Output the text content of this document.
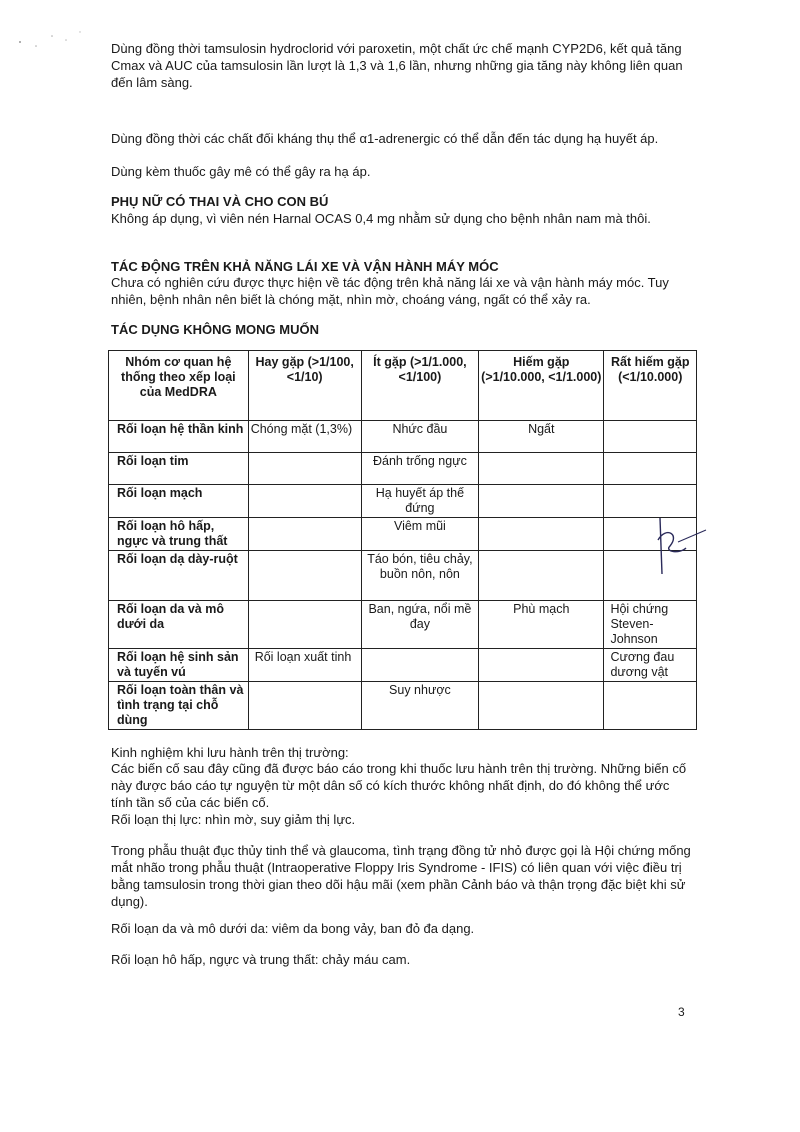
Dùng đồng thời tamsulosin hydroclorid với paroxetin, một chất ức chế mạnh CYP2D6, kết quả tăng Cmax và AUC của tamsulosin lần lượt là 1,3 và 1,6 lần, nhưng những gia tăng này không liên quan đến lâm sàng.

Dùng đồng thời các chất đối kháng thụ thể α1-adrenergic có thể dẫn đến tác dụng hạ huyết áp.

Dùng kèm thuốc gây mê có thể gây ra hạ áp.

PHỤ NỮ CÓ THAI VÀ CHO CON BÚ

Không áp dụng, vì viên nén Harnal OCAS 0,4 mg nhằm sử dụng cho bệnh nhân nam mà thôi.

TÁC ĐỘNG TRÊN KHẢ NĂNG LÁI XE VÀ VẬN HÀNH MÁY MÓC

Chưa có nghiên cứu được thực hiện về tác động trên khả năng lái xe và vận hành máy móc. Tuy nhiên, bệnh nhân nên biết là chóng mặt, nhìn mờ, choáng váng, ngất có thể xảy ra.

TÁC DỤNG KHÔNG MONG MUỐN

Nhóm cơ quan hệ thống theo xếp loại của MedDRA	Hay gặp (>1/100, <1/10)	Ít gặp (>1/1.000, <1/100)	Hiếm gặp (>1/10.000, <1/1.000)	Rất hiếm gặp (<1/10.000)
Rối loạn hệ thần kinh	Chóng mặt (1,3%)	Nhức đầu	Ngất	
Rối loạn tim		Đánh trống ngực		
Rối loạn mạch		Hạ huyết áp thế đứng		
Rối loạn hô hấp, ngực và trung thất		Viêm mũi		
Rối loạn dạ dày-ruột		Táo bón, tiêu chảy, buồn nôn, nôn		
Rối loạn da và mô dưới da		Ban, ngứa, nổi mề đay	Phù mạch	Hội chứng Steven-Johnson
Rối loạn hệ sinh sản và tuyến vú	Rối loạn xuất tinh			Cương đau dương vật
Rối loạn toàn thân và tình trạng tại chỗ dùng		Suy nhược		

Kinh nghiệm khi lưu hành trên thị trường:

Các biến cố sau đây cũng đã được báo cáo trong khi thuốc lưu hành trên thị trường. Những biến cố này được báo cáo tự nguyện từ một dân số có kích thước không nhất định, do đó không thể ước tính tần số của các biến cố.

Rối loạn thị lực: nhìn mờ, suy giảm thị lực.

Trong phẫu thuật đục thủy tinh thể và glaucoma, tình trạng đồng tử nhỏ được gọi là Hội chứng mống mắt nhão trong phẫu thuật (Intraoperative Floppy Iris Syndrome - IFIS) có liên quan với việc điều trị bằng tamsulosin trong thời gian theo dõi hậu mãi (xem phần Cảnh báo và thận trọng đặc biệt khi sử dụng).

Rối loạn da và mô dưới da: viêm da bong vảy, ban đỏ đa dạng.

Rối loạn hô hấp, ngực và trung thất: chảy máu cam.

3
